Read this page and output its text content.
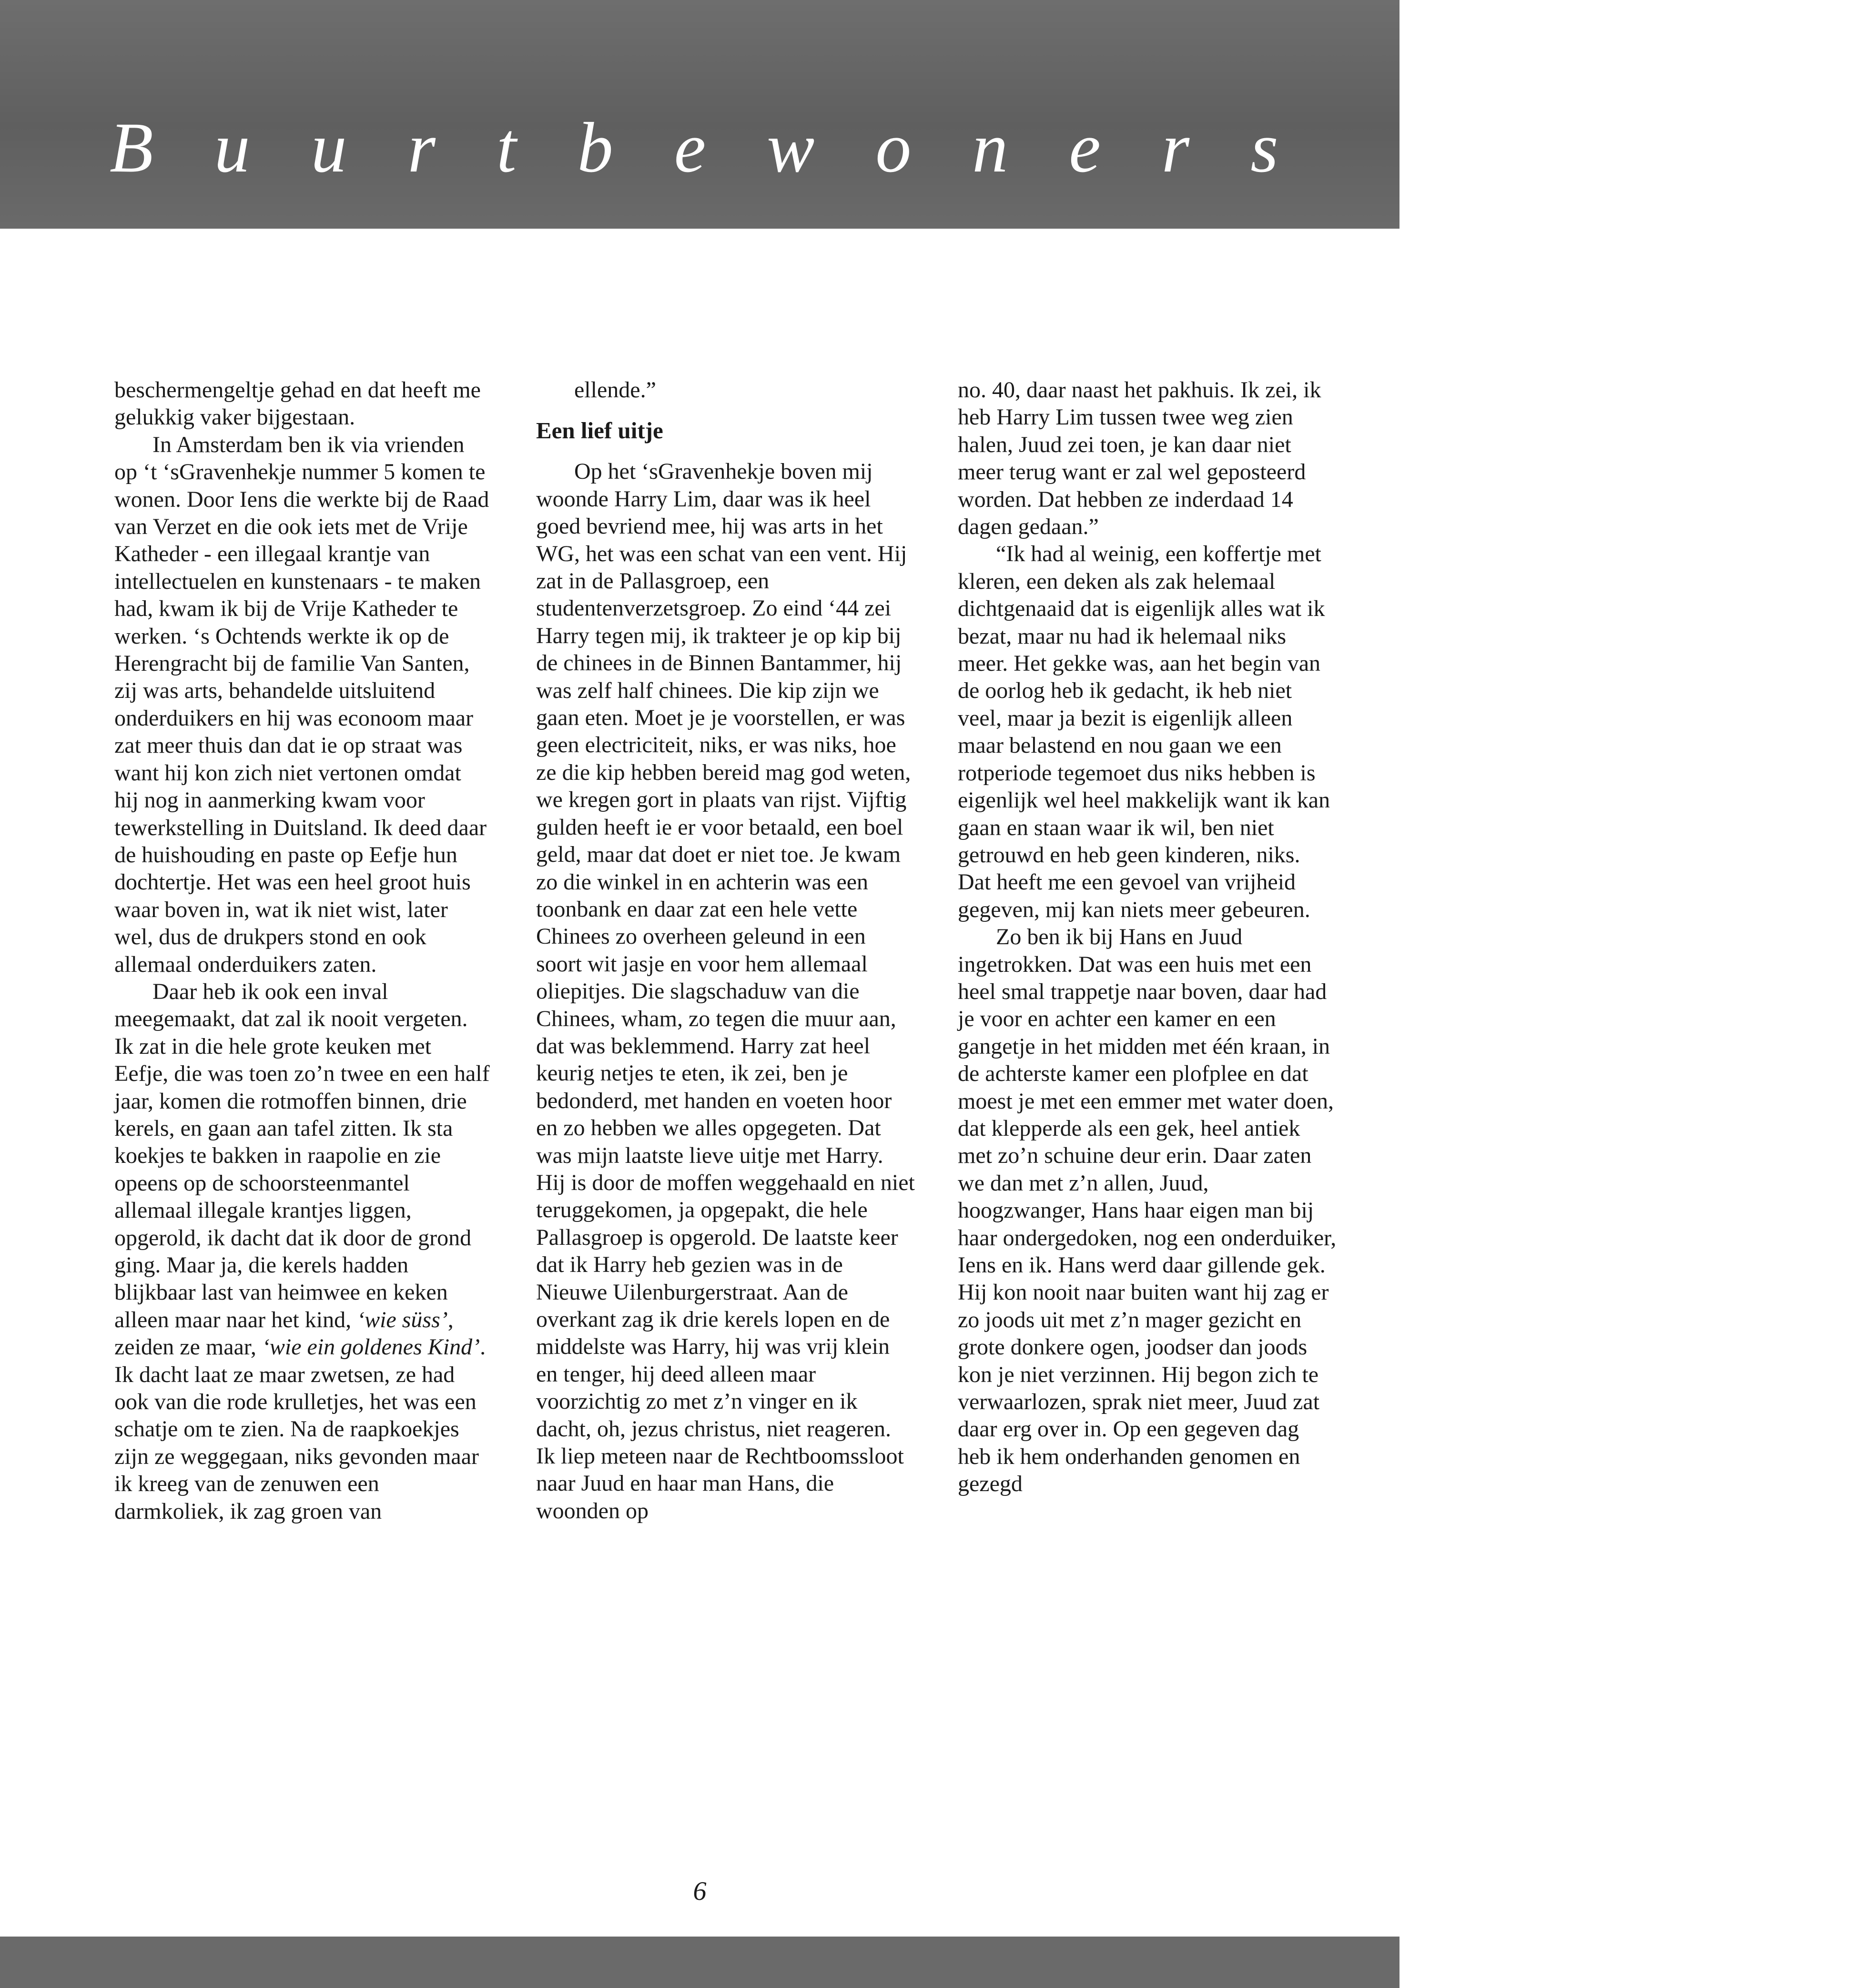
Buurtbewoners en de

beschermengeltje gehad en dat heeft me gelukkig vaker bijgestaan.

In Amsterdam ben ik via vrienden op ‘t ‘sGravenhekje nummer 5 komen te wonen. Door Iens die werkte bij de Raad van Verzet en die ook iets met de Vrije Katheder - een illegaal krantje van intellectuelen en kunstenaars - te maken had, kwam ik bij de Vrije Katheder te werken. ‘s Ochtends werkte ik op de Herengracht bij de familie Van Santen, zij was arts, behandelde uitsluitend onderduikers en hij was econoom maar zat meer thuis dan dat ie op straat was want hij kon zich niet vertonen omdat hij nog in aanmerking kwam voor tewerkstelling in Duitsland. Ik deed daar de huishouding en paste op Eefje hun dochtertje. Het was een heel groot huis waar boven in, wat ik niet wist, later wel, dus de drukpers stond en ook allemaal onderduikers zaten.

Daar heb ik ook een inval meegemaakt, dat zal ik nooit vergeten. Ik zat in die hele grote keuken met Eefje, die was toen zo’n twee en een half jaar, komen die rotmoffen binnen, drie kerels, en gaan aan tafel zitten. Ik sta koekjes te bakken in raapolie en zie opeens op de schoorsteenmantel allemaal illegale krantjes liggen, opgerold, ik dacht dat ik door de grond ging. Maar ja, die kerels hadden blijkbaar last van heimwee en keken alleen maar naar het kind, ‘wie süss’, zeiden ze maar, ‘wie ein goldenes Kind’. Ik dacht laat ze maar zwetsen, ze had ook van die rode krulletjes, het was een schatje om te zien. Na de raapkoekjes zijn ze weggegaan, niks gevonden maar ik kreeg van de zenuwen een darmkoliek, ik zag groen van

ellende.”

Een lief uitje

Op het ‘sGravenhekje boven mij woonde Harry Lim, daar was ik heel goed bevriend mee, hij was arts in het WG, het was een schat van een vent. Hij zat in de Pallasgroep, een studentenverzetsgroep. Zo eind ‘44 zei Harry tegen mij, ik trakteer je op kip bij de chinees in de Binnen Bantammer, hij was zelf half chinees. Die kip zijn we gaan eten. Moet je je voorstellen, er was geen electriciteit, niks, er was niks, hoe ze die kip hebben bereid mag god weten, we kregen gort in plaats van rijst. Vijftig gulden heeft ie er voor betaald, een boel geld, maar dat doet er niet toe. Je kwam zo die winkel in en achterin was een toonbank en daar zat een hele vette Chinees zo overheen geleund in een soort wit jasje en voor hem allemaal oliepitjes. Die slagschaduw van die Chinees, wham, zo tegen die muur aan, dat was beklemmend. Harry zat heel keurig netjes te eten, ik zei, ben je bedonderd, met handen en voeten hoor en zo hebben we alles opgegeten. Dat was mijn laatste lieve uitje met Harry. Hij is door de moffen weggehaald en niet teruggekomen, ja opgepakt, die hele Pallasgroep is opgerold. De laatste keer dat ik Harry heb gezien was in de Nieuwe Uilenburgerstraat. Aan de overkant zag ik drie kerels lopen en de middelste was Harry, hij was vrij klein en tenger, hij deed alleen maar voorzichtig zo met z’n vinger en ik dacht, oh, jezus christus, niet reageren. Ik liep meteen naar de Rechtboomssloot naar Juud en haar man Hans, die woonden op

no. 40, daar naast het pakhuis. Ik zei, ik heb Harry Lim tussen twee weg zien halen, Juud zei toen, je kan daar niet meer terug want er zal wel geposteerd worden. Dat hebben ze inderdaad 14 dagen gedaan.”

“Ik had al weinig, een koffertje met kleren, een deken als zak helemaal dichtgenaaid dat is eigenlijk alles wat ik bezat, maar nu had ik helemaal niks meer. Het gekke was, aan het begin van de oorlog heb ik gedacht, ik heb niet veel, maar ja bezit is eigenlijk alleen maar belastend en nou gaan we een rotperiode tegemoet dus niks hebben is eigenlijk wel heel makkelijk want ik kan gaan en staan waar ik wil, ben niet getrouwd en heb geen kinderen, niks. Dat heeft me een gevoel van vrijheid gegeven, mij kan niets meer gebeuren.

Zo ben ik bij Hans en Juud ingetrokken. Dat was een huis met een heel smal trappetje naar boven, daar had je voor en achter een kamer en een gangetje in het midden met één kraan, in de achterste kamer een plofplee en dat moest je met een emmer met water doen, dat klepperde als een gek, heel antiek met zo’n schuine deur erin. Daar zaten we dan met z’n allen, Juud, hoogzwanger, Hans haar eigen man bij haar ondergedoken, nog een onderduiker, Iens en ik. Hans werd daar gillende gek. Hij kon nooit naar buiten want hij zag er zo joods uit met z’n mager gezicht en grote donkere ogen, joodser dan joods kon je niet verzinnen. Hij begon zich te verwaarlozen, sprak niet meer, Juud zat daar erg over in. Op een gegeven dag heb ik hem onderhanden genomen en gezegd

6
